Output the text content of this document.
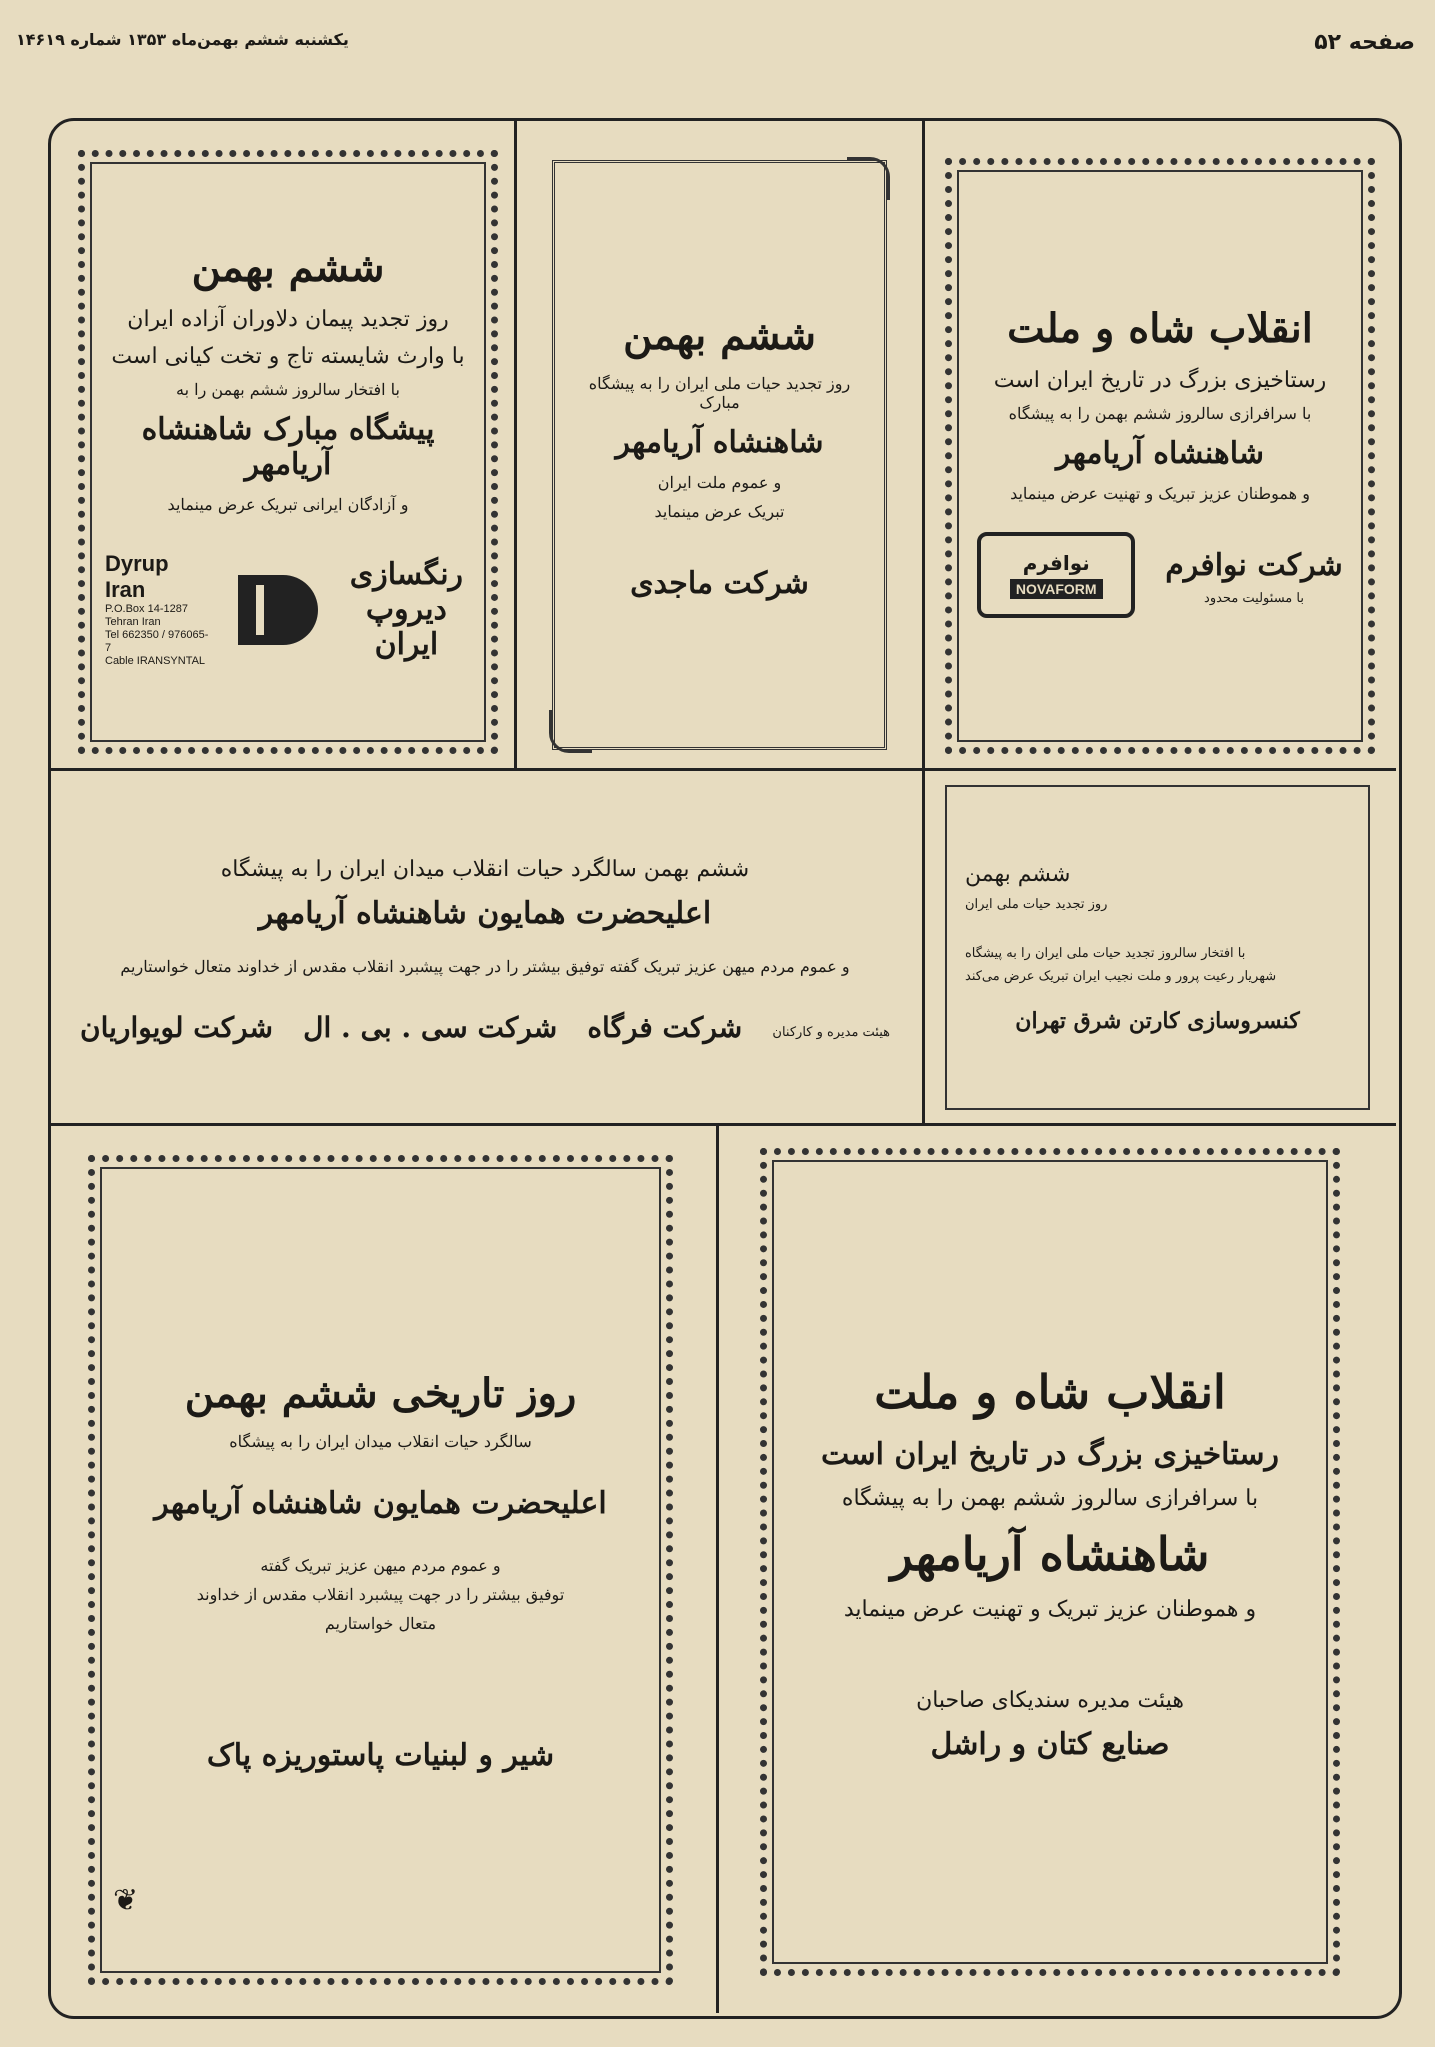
یکشنبه ششم بهمن‌ماه ۱۳۵۳ شماره ۱۴۶۱۹	صفحه ۵۲
ششم بهمن
روز تجدید پیمان دلاوران آزاده ایران
با وارث شایسته تاج و تخت کیانی است
با افتخار سالروز ششم بهمن را به
پیشگاه مبارک شاهنشاه آریامهر
و آزادگان ایرانی تبریک عرض مینماید
Dyrup Iran
P.O.Box 14-1287
Tehran Iran
Tel 662350 / 976065-7
Cable IRANSYNTAL
رنگسازی دیروپ ایران
ششم بهمن
روز تجدید حیات ملی ایران را به پیشگاه مبارک
شاهنشاه آریامهر
و عموم ملت ایران
تبریک عرض مینماید
شرکت ماجدی
انقلاب شاه و ملت
رستاخیزی بزرگ در تاریخ ایران است
با سرافرازی سالروز ششم بهمن را به پیشگاه
شاهنشاه آریامهر
و هموطنان عزیز تبریک و تهنیت عرض مینماید
شرکت نوافرم
با مسئولیت محدود
نوافرم
NOVAFORM
ششم بهمن سالگرد حیات انقلاب میدان ایران را به پیشگاه
اعلیحضرت همایون شاهنشاه آریامهر
و عموم مردم میهن عزیز تبریک گفته توفیق بیشتر را در جهت پیشبرد انقلاب مقدس از خداوند متعال خواستاریم
هیئت مدیره و کارکنان
شرکت فرگاه
شرکت سی . بی . ال
شرکت لویواریان
ششم بهمن
روز تجدید حیات ملی ایران
با افتخار سالروز تجدید حیات ملی ایران را به پیشگاه
شهریار رعیت پرور و ملت نجیب ایران تبریک عرض می‌کند
کنسروسازی کارتن شرق تهران
روز تاریخی ششم بهمن
سالگرد حیات انقلاب میدان ایران را به پیشگاه
اعلیحضرت همایون شاهنشاه آریامهر
و عموم مردم میهن عزیز تبریک گفته
توفیق بیشتر را در جهت پیشبرد انقلاب مقدس از خداوند
متعال خواستاریم
شیر و لبنیات پاستوریزه پاک
❦
انقلاب شاه و ملت
رستاخیزی بزرگ در تاریخ ایران است
با سرافرازی سالروز ششم بهمن را به پیشگاه
شاهنشاه آریامهر
و هموطنان عزیز تبریک و تهنیت عرض مینماید
هیئت مدیره سندیکای صاحبان
صنایع کتان و راشل
